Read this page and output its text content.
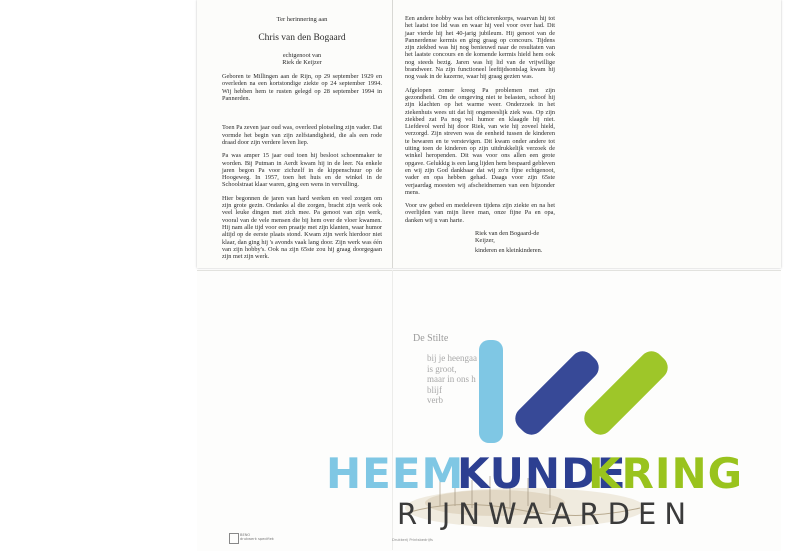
Ter herinnering aan
Chris van den Bogaard
echtgenoot van
Riek de Keijzer

Geboren te Millingen aan de Rijn, op 29 september 1929 en overleden na een kortstondige ziekte op 24 september 1994. Wij hebben hem te rusten gelegd op 28 september 1994 in Pannerden.

Toen Pa zeven jaar oud was, overleed plotseling zijn vader. Dat vormde het begin van zijn zelfstandigheid, die als een rode draad door zijn verdere leven liep.

Pa was amper 15 jaar oud toen hij besloot schoenmaker te worden. Bij Putman in Aerdt kwam hij in de leer. Na enkele jaren begon Pa voor zichzelf in de kippenschuur op de Hoogeweg. In 1957, toen het huis en de winkel in de Schoolstraat klaar waren, ging een wens in vervulling.

Hier begonnen de jaren van hard werken en veel zorgen om zijn grote gezin. Ondanks al die zorgen, bracht zijn werk ook veel leuke dingen met zich mee. Pa genoot van zijn werk, vooral van de vele mensen die bij hem over de vloer kwamen. Hij nam alle tijd voor een praatje met zijn klanten, waar humor altijd op de eerste plaats stond. Kwam zijn werk hierdoor niet klaar, dan ging hij 's avonds vaak lang door. Zijn werk was één van zijn hobby's. Ook na zijn 65ste zou hij graag doorgegaan zijn met zijn werk.

Een andere hobby was het officierenkorps, waarvan hij tot het laatst toe lid was en waar hij veel voor over had. Dit jaar vierde hij het 40-jarig jubileum. Hij genoot van de Pannerdense kermis en ging graag op concours. Tijdens zijn ziekbed was hij nog benieuwd naar de resultaten van het laatste concours en de komende kermis hield hem ook nog steeds bezig. Jaren was hij lid van de vrijwillige brandweer. Na zijn functioneel leeftijdsontslag kwam hij nog vaak in de kazerne, waar hij graag gezien was.

Afgelopen zomer kreeg Pa problemen met zijn gezondheid. Om de omgeving niet te belasten, schoof hij zijn klachten op het warme weer. Onderzoek in het ziekenhuis wees uit dat hij ongeneeslijk ziek was. Op zijn ziekbed zat Pa nog vol humor en klaagde hij niet. Liefdevol werd hij door Riek, van wie hij zoveel hield, verzorgd. Zijn streven was de eenheid tussen de kinderen te bewaren en te verstevigen. Dit kwam onder andere tot uiting toen de kinderen op zijn uitdrukkelijk verzoek de winkel heropenden. Dit was voor ons allen een grote opgave. Gelukkig is een lang lijden hem bespaard gebleven en wij zijn God dankbaar dat wij zo'n fijne echtgenoot, vader en opa hebben gehad. Daags voor zijn 65ste verjaardag moesten wij afscheidnemen van een bijzonder mens.

Voor uw gebed en medeleven tijdens zijn ziekte en na het overlijden van mijn lieve man, onze fijne Pa en opa, danken wij u van harte.

Riek van den Bogaard-de Keijzer,
kinderen en kleinkinderen.
De Stilte
bij je heengaa
is groot,
maar in ons h
blijf
verb
HEEM
KUNDE
KRING
RIJNWAARDEN
BENO
drukwerk specifiek	Drukkerij Printsbedrijfs
